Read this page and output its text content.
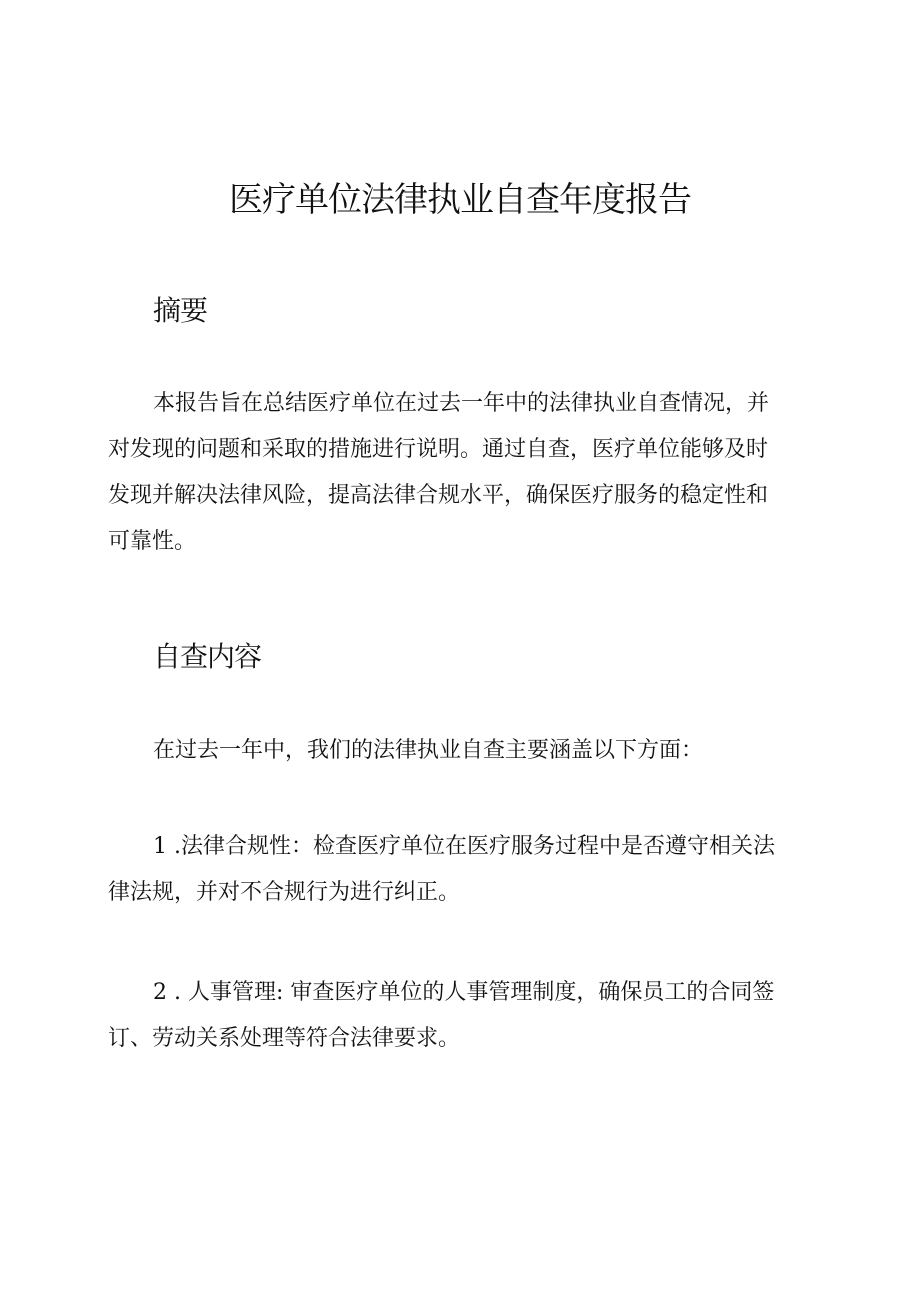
医疗单位法律执业自查年度报告
摘要
本报告旨在总结医疗单位在过去一年中的法律执业自查情况，并
对发现的问题和采取的措施进行说明。通过自查，医疗单位能够及时
发现并解决法律风险，提高法律合规水平，确保医疗服务的稳定性和
可靠性。
自查内容
在过去一年中，我们的法律执业自查主要涵盖以下方面：
1 .法律合规性：检查医疗单位在医疗服务过程中是否遵守相关法
律法规，并对不合规行为进行纠正。
2 . 人事管理: 审查医疗单位的人事管理制度，确保员工的合同签
订、劳动关系处理等符合法律要求。
